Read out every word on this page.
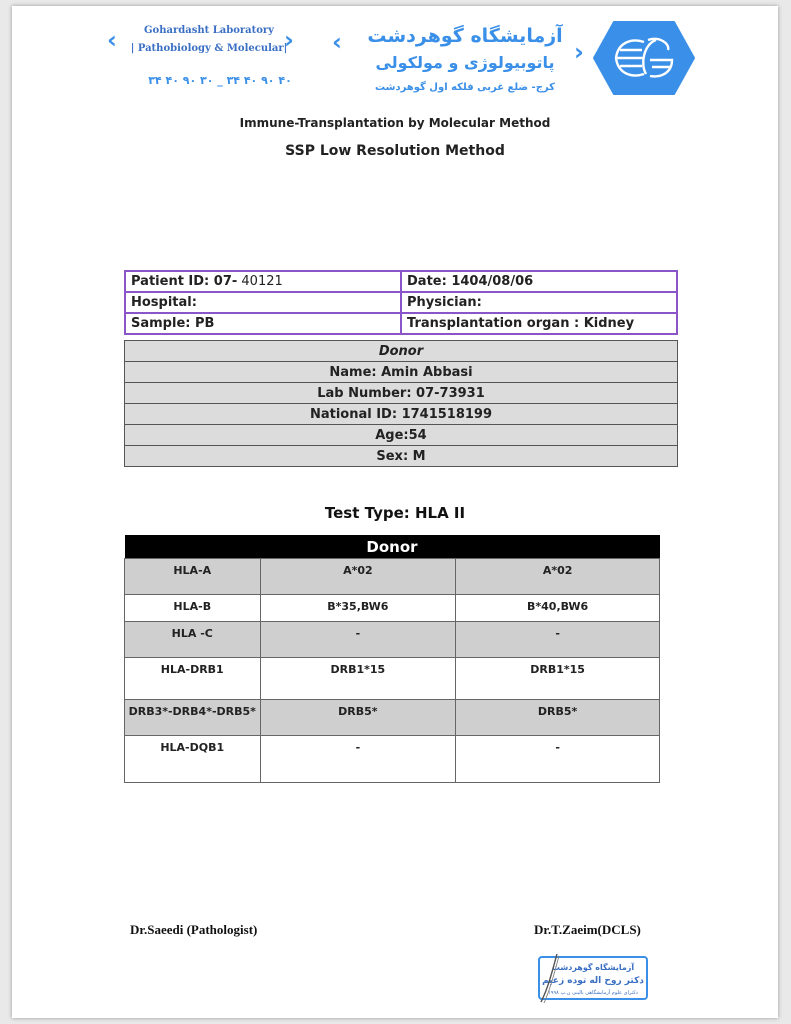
‹	Gohardasht Laboratory
| Pathobiology & Molecular|
›
۳۴ ۴۰ ۹۰ ۳۰ _ ۳۴ ۴۰ ۹۰ ۴۰
‹ آزمایشگاه گوهردشت
پاتوبیولوژی و مولکولی
کرج- ضلع غربی فلکه اول گوهردشت
›
Immune-Transplantation by Molecular Method
SSP Low Resolution Method
Patient ID: 07- 40121	Date: 1404/08/06
Hospital:	Physician:
Sample: PB	Transplantation organ : Kidney
Donor
Name: Amin Abbasi
Lab Number: 07-73931
National ID: 1741518199
Age:54
Sex: M
Test Type: HLA II
Donor		
HLA-A	A*02	A*02
HLA-B	B*35,BW6	B*40,BW6
HLA -C	-	-
HLA-DRB1	DRB1*15	DRB1*15
DRB3*-DRB4*-DRB5*	DRB5*	DRB5*
HLA-DQB1	-	-
Dr.Saeedi (Pathologist)	Dr.T.Zaeim(DCLS)
آزمایشگاه گوهردشت
دکتر روح اله توده زعیم
دکترای علوم آزمایشگاهی بالینی ن.پ ۱۹۹۸
